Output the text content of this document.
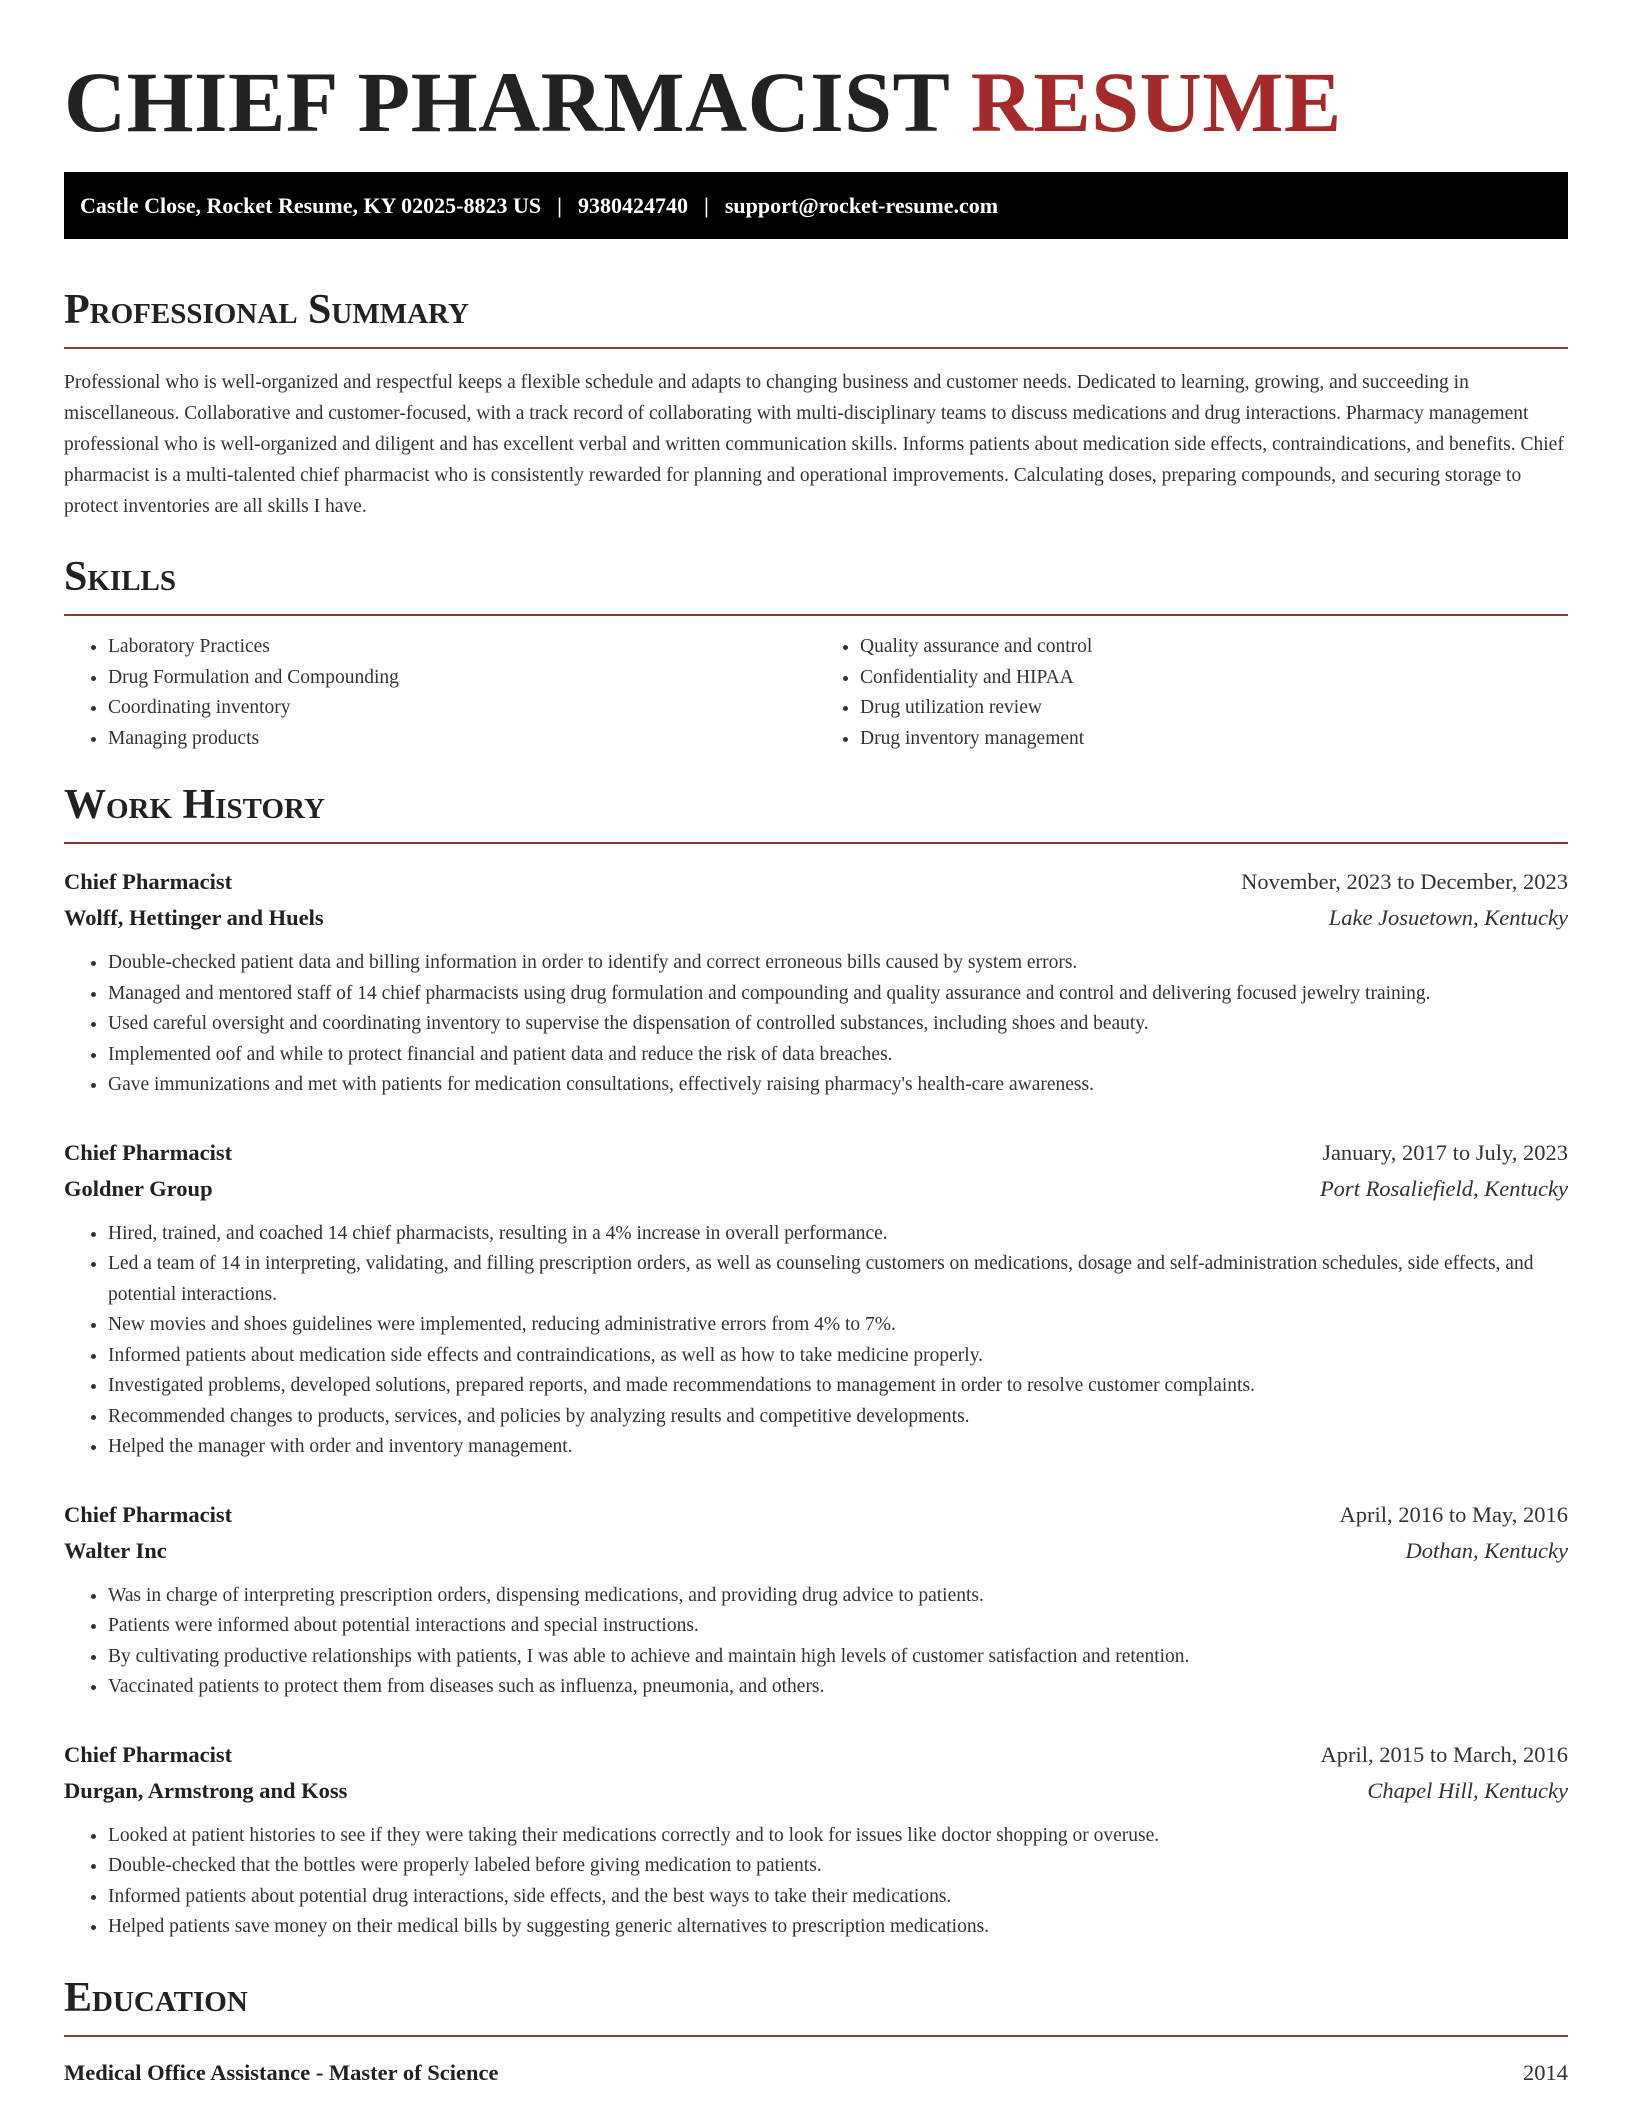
CHIEF PHARMACIST RESUME
Castle Close, Rocket Resume, KY 02025-8823 US | 9380424740 | support@rocket-resume.com
Professional Summary

Professional who is well-organized and respectful keeps a flexible schedule and adapts to changing business and customer needs. Dedicated to learning, growing, and succeeding in miscellaneous. Collaborative and customer-focused, with a track record of collaborating with multi-disciplinary teams to discuss medications and drug interactions. Pharmacy management professional who is well-organized and diligent and has excellent verbal and written communication skills. Informs patients about medication side effects, contraindications, and benefits. Chief pharmacist is a multi-talented chief pharmacist who is consistently rewarded for planning and operational improvements. Calculating doses, preparing compounds, and securing storage to protect inventories are all skills I have.

Skills
• Laboratory Practices
• Drug Formulation and Compounding
• Coordinating inventory
• Managing products
• Quality assurance and control
• Confidentiality and HIPAA
• Drug utilization review
• Drug inventory management
Work History
Chief Pharmacist	November, 2023 to December, 2023
Wolff, Hettinger and Huels	Lake Josuetown, Kentucky
• Double-checked patient data and billing information in order to identify and correct erroneous bills caused by system errors.
• Managed and mentored staff of 14 chief pharmacists using drug formulation and compounding and quality assurance and control and delivering focused jewelry training.
• Used careful oversight and coordinating inventory to supervise the dispensation of controlled substances, including shoes and beauty.
• Implemented oof and while to protect financial and patient data and reduce the risk of data breaches.
• Gave immunizations and met with patients for medication consultations, effectively raising pharmacy's health-care awareness.
Chief Pharmacist	January, 2017 to July, 2023
Goldner Group	Port Rosaliefield, Kentucky
• Hired, trained, and coached 14 chief pharmacists, resulting in a 4% increase in overall performance.
• Led a team of 14 in interpreting, validating, and filling prescription orders, as well as counseling customers on medications, dosage and self-administration schedules, side effects, and potential interactions.
• New movies and shoes guidelines were implemented, reducing administrative errors from 4% to 7%.
• Informed patients about medication side effects and contraindications, as well as how to take medicine properly.
• Investigated problems, developed solutions, prepared reports, and made recommendations to management in order to resolve customer complaints.
• Recommended changes to products, services, and policies by analyzing results and competitive developments.
• Helped the manager with order and inventory management.
Chief Pharmacist	April, 2016 to May, 2016
Walter Inc	Dothan, Kentucky
• Was in charge of interpreting prescription orders, dispensing medications, and providing drug advice to patients.
• Patients were informed about potential interactions and special instructions.
• By cultivating productive relationships with patients, I was able to achieve and maintain high levels of customer satisfaction and retention.
• Vaccinated patients to protect them from diseases such as influenza, pneumonia, and others.
Chief Pharmacist	April, 2015 to March, 2016
Durgan, Armstrong and Koss	Chapel Hill, Kentucky
• Looked at patient histories to see if they were taking their medications correctly and to look for issues like doctor shopping or overuse.
• Double-checked that the bottles were properly labeled before giving medication to patients.
• Informed patients about potential drug interactions, side effects, and the best ways to take their medications.
• Helped patients save money on their medical bills by suggesting generic alternatives to prescription medications.
Education
Medical Office Assistance - Master of Science	2014
